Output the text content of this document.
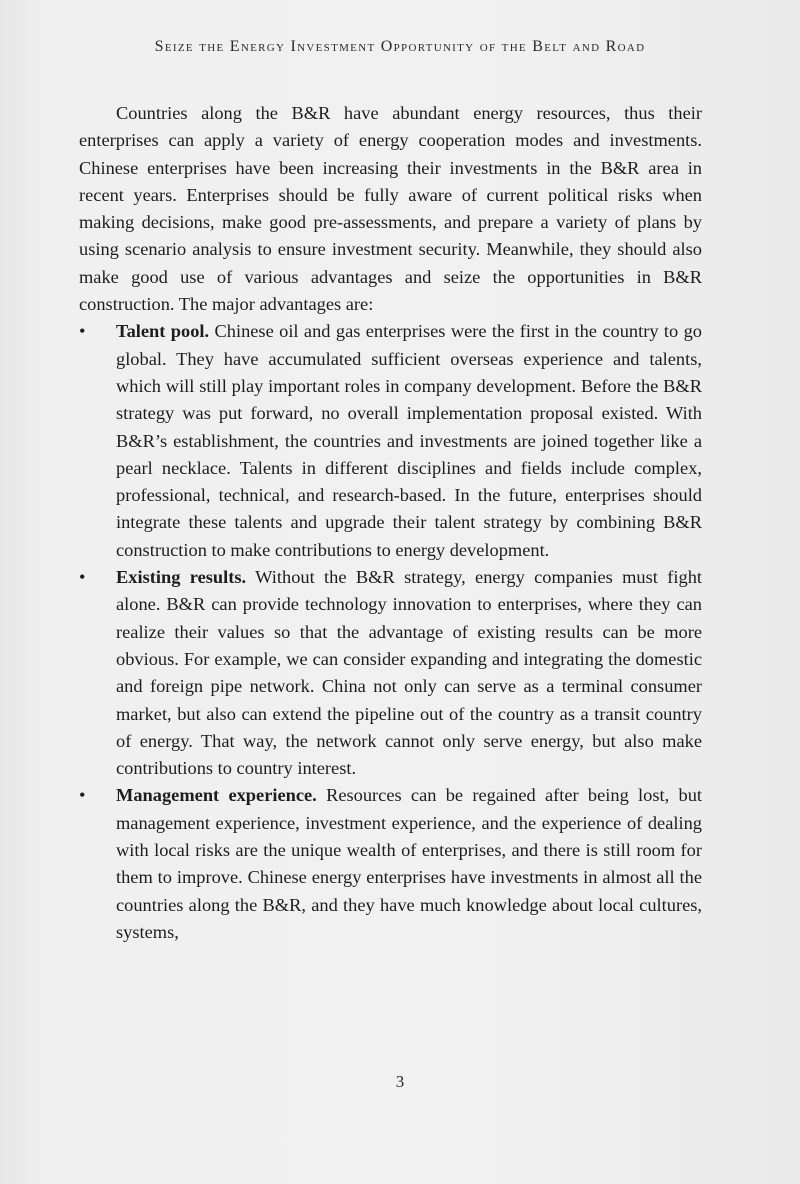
Seize the Energy Investment Opportunity of the Belt and Road

Countries along the B&R have abundant energy resources, thus their enterprises can apply a variety of energy cooperation modes and investments. Chinese enterprises have been increasing their investments in the B&R area in recent years. Enterprises should be fully aware of current political risks when making decisions, make good pre-assessments, and prepare a variety of plans by using scenario analysis to ensure investment security. Meanwhile, they should also make good use of various advantages and seize the opportunities in B&R construction. The major advantages are:

• Talent pool. Chinese oil and gas enterprises were the first in the country to go global. They have accumulated sufficient overseas experience and talents, which will still play important roles in company development. Before the B&R strategy was put forward, no overall implementation proposal existed. With B&R’s establishment, the countries and investments are joined together like a pearl necklace. Talents in different disciplines and fields include complex, professional, technical, and research-based. In the future, enterprises should integrate these talents and upgrade their talent strategy by combining B&R construction to make contributions to energy development.
• Existing results. Without the B&R strategy, energy companies must fight alone. B&R can provide technology innovation to enterprises, where they can realize their values so that the advantage of existing results can be more obvious. For example, we can consider expanding and integrating the domestic and foreign pipe network. China not only can serve as a terminal consumer market, but also can extend the pipeline out of the country as a transit country of energy. That way, the network cannot only serve energy, but also make contributions to country interest.
• Management experience. Resources can be regained after being lost, but management experience, investment experience, and the experience of dealing with local risks are the unique wealth of enterprises, and there is still room for them to improve. Chinese energy enterprises have investments in almost all the countries along the B&R, and they have much knowledge about local cultures, systems,
3
